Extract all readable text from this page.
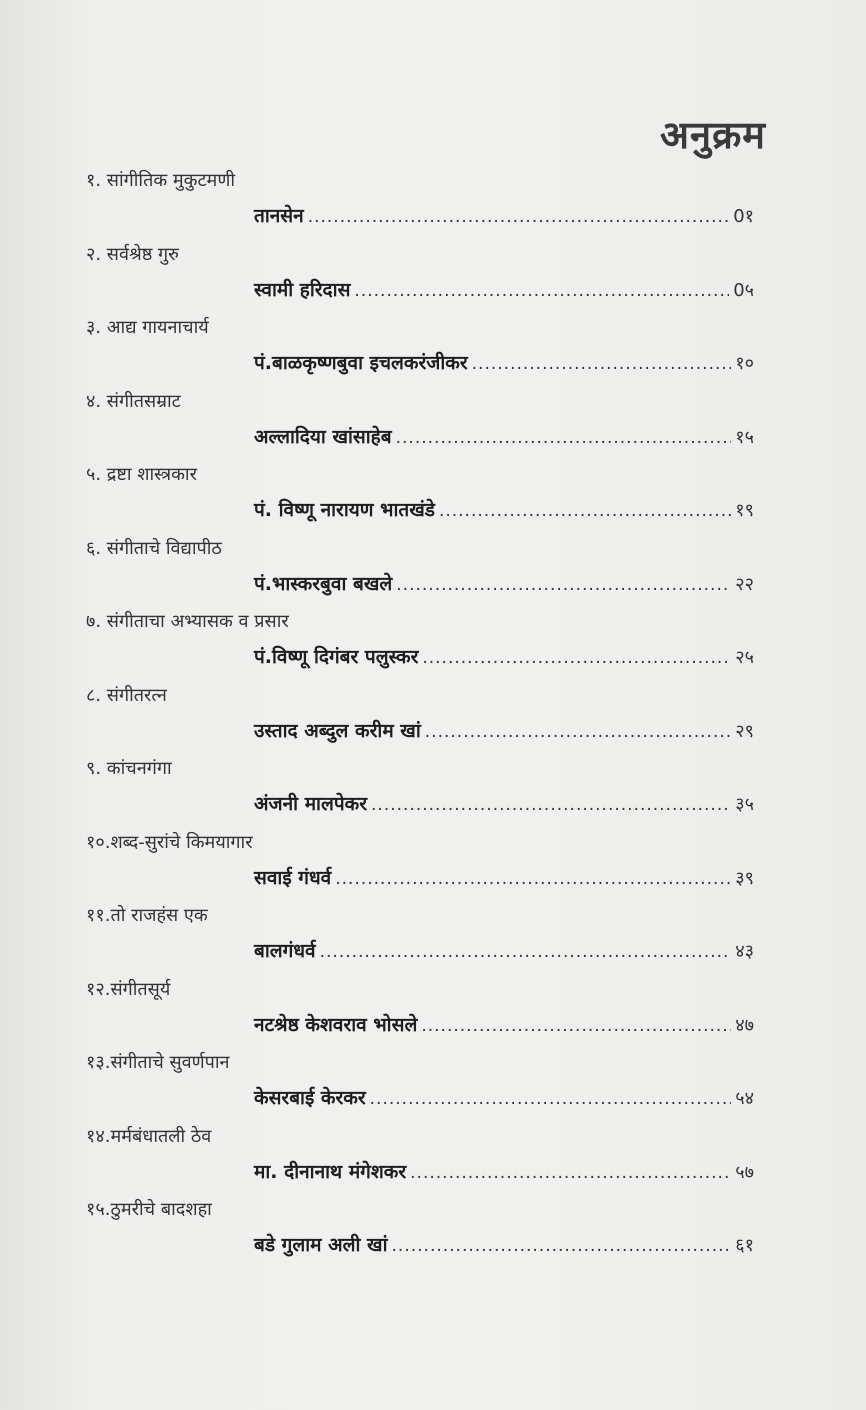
अनुक्रम
१. सांगीतिक मुकुटमणी
तानसेन .....	0१
२. सर्वश्रेष्ठ गुरु
स्वामी हरिदास .....	0५
३. आद्य गायनाचार्य
पं.बाळकृष्णबुवा इचलकरंजीकर .....	१०
४. संगीतसम्राट
अल्लादिया खांसाहेब .....	१५
५. द्रष्टा शास्त्रकार
पं. विष्णू नारायण भातखंडे .....	१९
६. संगीताचे विद्यापीठ
पं.भास्करबुवा बखले .....	२२
७. संगीताचा अभ्यासक व प्रसार
पं.विष्णू दिगंबर पलुस्कर .....	२५
८. संगीतरत्न
उस्ताद अब्दुल करीम खां .....	२९
९. कांचनगंगा
अंजनी मालपेकर .....	३५
१०.शब्द-सुरांचे किमयागार
सवाई गंधर्व .....	३९
११.तो राजहंस एक
बालगंधर्व .....	४३
१२.संगीतसूर्य
नटश्रेष्ठ केशवराव भोसले .....	४७
१३.संगीताचे सुवर्णपान
केसरबाई केरकर .....	५४
१४.मर्मबंधातली ठेव
मा. दीनानाथ मंगेशकर .....	५७
१५.ठुमरीचे बादशहा
बडे गुलाम अली खां .....	६१
